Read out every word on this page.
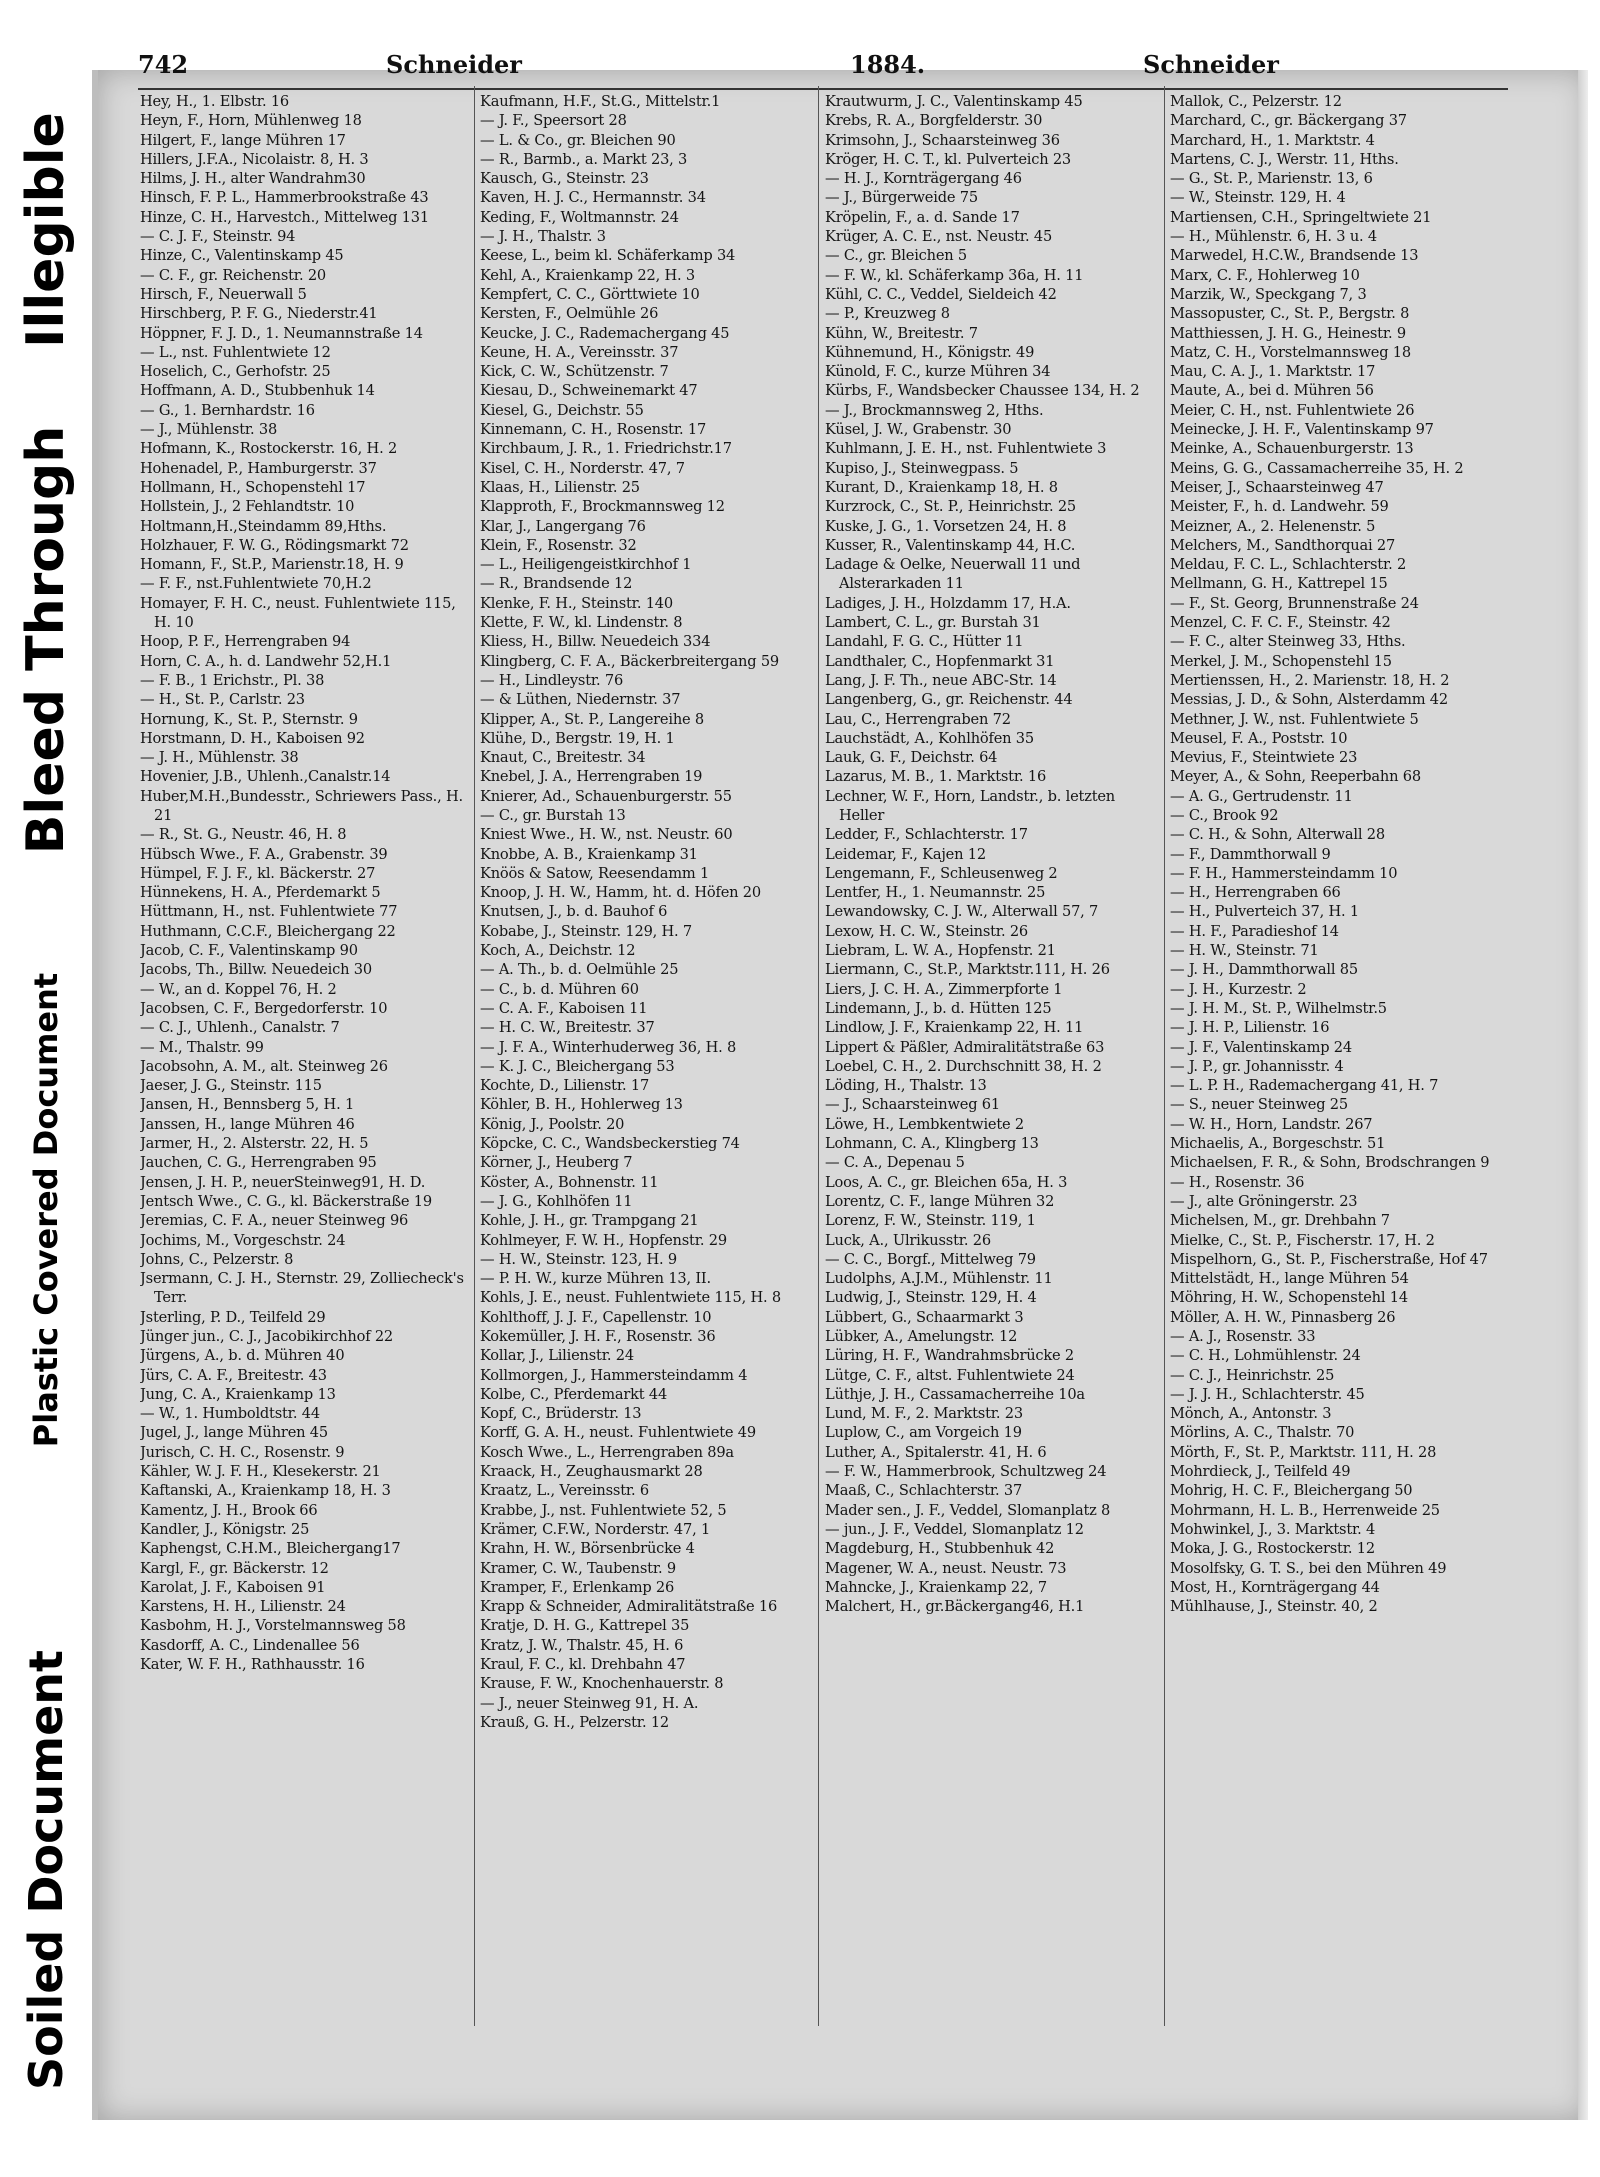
Soiled Document
Plastic Covered Document
Bleed Through
Illegible
742	Schneider	1884.	Schneider
Hey, H., 1. Elbstr. 16
Heyn, F., Horn, Mühlenweg 18
Hilgert, F., lange Mühren 17
Hillers, J.F.A., Nicolaistr. 8, H. 3
Hilms, J. H., alter Wandrahm30
Hinsch, F. P. L., Hammerbrookstraße 43
Hinze, C. H., Harvestch., Mittelweg 131
— C. J. F., Steinstr. 94
Hinze, C., Valentinskamp 45
— C. F., gr. Reichenstr. 20
Hirsch, F., Neuerwall 5
Hirschberg, P. F. G., Niederstr.41
Höppner, F. J. D., 1. Neumannstraße 14
— L., nst. Fuhlentwiete 12
Hoselich, C., Gerhofstr. 25
Hoffmann, A. D., Stubbenhuk 14
— G., 1. Bernhardstr. 16
— J., Mühlenstr. 38
Hofmann, K., Rostockerstr. 16, H. 2
Hohenadel, P., Hamburgerstr. 37
Hollmann, H., Schopenstehl 17
Hollstein, J., 2 Fehlandtstr. 10
Holtmann,H.,Steindamm 89,Hths.
Holzhauer, F. W. G., Rödingsmarkt 72
Homann, F., St.P., Marienstr.18, H. 9
— F. F., nst.Fuhlentwiete 70,H.2
Homayer, F. H. C., neust. Fuhlentwiete 115, H. 10
Hoop, P. F., Herrengraben 94
Horn, C. A., h. d. Landwehr 52,H.1
— F. B., 1 Erichstr., Pl. 38
— H., St. P., Carlstr. 23
Hornung, K., St. P., Sternstr. 9
Horstmann, D. H., Kaboisen 92
— J. H., Mühlenstr. 38
Hovenier, J.B., Uhlenh.,Canalstr.14
Huber,M.H.,Bundesstr., Schriewers Pass., H. 21
— R., St. G., Neustr. 46, H. 8
Hübsch Wwe., F. A., Grabenstr. 39
Hümpel, F. J. F., kl. Bäckerstr. 27
Hünnekens, H. A., Pferdemarkt 5
Hüttmann, H., nst. Fuhlentwiete 77
Huthmann, C.C.F., Bleichergang 22
Jacob, C. F., Valentinskamp 90
Jacobs, Th., Billw. Neuedeich 30
— W., an d. Koppel 76, H. 2
Jacobsen, C. F., Bergedorferstr. 10
— C. J., Uhlenh., Canalstr. 7
— M., Thalstr. 99
Jacobsohn, A. M., alt. Steinweg 26
Jaeser, J. G., Steinstr. 115
Jansen, H., Bennsberg 5, H. 1
Janssen, H., lange Mühren 46
Jarmer, H., 2. Alsterstr. 22, H. 5
Jauchen, C. G., Herrengraben 95
Jensen, J. H. P., neuerSteinweg91, H. D.
Jentsch Wwe., C. G., kl. Bäckerstraße 19
Jeremias, C. F. A., neuer Steinweg 96
Jochims, M., Vorgeschstr. 24
Johns, C., Pelzerstr. 8
Jsermann, C. J. H., Sternstr. 29, Zolliecheck's Terr.
Jsterling, P. D., Teilfeld 29
Jünger jun., C. J., Jacobikirchhof 22
Jürgens, A., b. d. Mühren 40
Jürs, C. A. F., Breitestr. 43
Jung, C. A., Kraienkamp 13
— W., 1. Humboldtstr. 44
Jugel, J., lange Mühren 45
Jurisch, C. H. C., Rosenstr. 9
Kähler, W. J. F. H., Klesekerstr. 21
Kaftanski, A., Kraienkamp 18, H. 3
Kamentz, J. H., Brook 66
Kandler, J., Königstr. 25
Kaphengst, C.H.M., Bleichergang17
Kargl, F., gr. Bäckerstr. 12
Karolat, J. F., Kaboisen 91
Karstens, H. H., Lilienstr. 24
Kasbohm, H. J., Vorstelmannsweg 58
Kasdorff, A. C., Lindenallee 56
Kater, W. F. H., Rathhausstr. 16
Kaufmann, H.F., St.G., Mittelstr.1
— J. F., Speersort 28
— L. & Co., gr. Bleichen 90
— R., Barmb., a. Markt 23, 3
Kausch, G., Steinstr. 23
Kaven, H. J. C., Hermannstr. 34
Keding, F., Woltmannstr. 24
— J. H., Thalstr. 3
Keese, L., beim kl. Schäferkamp 34
Kehl, A., Kraienkamp 22, H. 3
Kempfert, C. C., Görttwiete 10
Kersten, F., Oelmühle 26
Keucke, J. C., Rademachergang 45
Keune, H. A., Vereinsstr. 37
Kick, C. W., Schützenstr. 7
Kiesau, D., Schweinemarkt 47
Kiesel, G., Deichstr. 55
Kinnemann, C. H., Rosenstr. 17
Kirchbaum, J. R., 1. Friedrichstr.17
Kisel, C. H., Norderstr. 47, 7
Klaas, H., Lilienstr. 25
Klapproth, F., Brockmannsweg 12
Klar, J., Langergang 76
Klein, F., Rosenstr. 32
— L., Heiligengeistkirchhof 1
— R., Brandsende 12
Klenke, F. H., Steinstr. 140
Klette, F. W., kl. Lindenstr. 8
Kliess, H., Billw. Neuedeich 334
Klingberg, C. F. A., Bäckerbreitergang 59
— H., Lindleystr. 76
— & Lüthen, Niedernstr. 37
Klipper, A., St. P., Langereihe 8
Klühe, D., Bergstr. 19, H. 1
Knaut, C., Breitestr. 34
Knebel, J. A., Herrengraben 19
Knierer, Ad., Schauenburgerstr. 55
— C., gr. Burstah 13
Kniest Wwe., H. W., nst. Neustr. 60
Knobbe, A. B., Kraienkamp 31
Knöös & Satow, Reesendamm 1
Knoop, J. H. W., Hamm, ht. d. Höfen 20
Knutsen, J., b. d. Bauhof 6
Kobabe, J., Steinstr. 129, H. 7
Koch, A., Deichstr. 12
— A. Th., b. d. Oelmühle 25
— C., b. d. Mühren 60
— C. A. F., Kaboisen 11
— H. C. W., Breitestr. 37
— J. F. A., Winterhuderweg 36, H. 8
— K. J. C., Bleichergang 53
Kochte, D., Lilienstr. 17
Köhler, B. H., Hohlerweg 13
König, J., Poolstr. 20
Köpcke, C. C., Wandsbeckerstieg 74
Körner, J., Heuberg 7
Köster, A., Bohnenstr. 11
— J. G., Kohlhöfen 11
Kohle, J. H., gr. Trampgang 21
Kohlmeyer, F. W. H., Hopfenstr. 29
— H. W., Steinstr. 123, H. 9
— P. H. W., kurze Mühren 13, II.
Kohls, J. E., neust. Fuhlentwiete 115, H. 8
Kohlthoff, J. J. F., Capellenstr. 10
Kokemüller, J. H. F., Rosenstr. 36
Kollar, J., Lilienstr. 24
Kollmorgen, J., Hammersteindamm 4
Kolbe, C., Pferdemarkt 44
Kopf, C., Brüderstr. 13
Korff, G. A. H., neust. Fuhlentwiete 49
Kosch Wwe., L., Herrengraben 89a
Kraack, H., Zeughausmarkt 28
Kraatz, L., Vereinsstr. 6
Krabbe, J., nst. Fuhlentwiete 52, 5
Krämer, C.F.W., Norderstr. 47, 1
Krahn, H. W., Börsenbrücke 4
Kramer, C. W., Taubenstr. 9
Kramper, F., Erlenkamp 26
Krapp & Schneider, Admiralitätstraße 16
Kratje, D. H. G., Kattrepel 35
Kratz, J. W., Thalstr. 45, H. 6
Kraul, F. C., kl. Drehbahn 47
Krause, F. W., Knochenhauerstr. 8
— J., neuer Steinweg 91, H. A.
Krauß, G. H., Pelzerstr. 12
Krautwurm, J. C., Valentinskamp 45
Krebs, R. A., Borgfelderstr. 30
Krimsohn, J., Schaarsteinweg 36
Kröger, H. C. T., kl. Pulverteich 23
— H. J., Kornträgergang 46
— J., Bürgerweide 75
Kröpelin, F., a. d. Sande 17
Krüger, A. C. E., nst. Neustr. 45
— C., gr. Bleichen 5
— F. W., kl. Schäferkamp 36a, H. 11
Kühl, C. C., Veddel, Sieldeich 42
— P., Kreuzweg 8
Kühn, W., Breitestr. 7
Kühnemund, H., Königstr. 49
Künold, F. C., kurze Mühren 34
Kürbs, F., Wandsbecker Chaussee 134, H. 2
— J., Brockmannsweg 2, Hths.
Küsel, J. W., Grabenstr. 30
Kuhlmann, J. E. H., nst. Fuhlentwiete 3
Kupiso, J., Steinwegpass. 5
Kurant, D., Kraienkamp 18, H. 8
Kurzrock, C., St. P., Heinrichstr. 25
Kuske, J. G., 1. Vorsetzen 24, H. 8
Kusser, R., Valentinskamp 44, H.C.
Ladage & Oelke, Neuerwall 11 und Alsterarkaden 11
Ladiges, J. H., Holzdamm 17, H.A.
Lambert, C. L., gr. Burstah 31
Landahl, F. G. C., Hütter 11
Landthaler, C., Hopfenmarkt 31
Lang, J. F. Th., neue ABC-Str. 14
Langenberg, G., gr. Reichenstr. 44
Lau, C., Herrengraben 72
Lauchstädt, A., Kohlhöfen 35
Lauk, G. F., Deichstr. 64
Lazarus, M. B., 1. Marktstr. 16
Lechner, W. F., Horn, Landstr., b. letzten Heller
Ledder, F., Schlachterstr. 17
Leidemar, F., Kajen 12
Lengemann, F., Schleusenweg 2
Lentfer, H., 1. Neumannstr. 25
Lewandowsky, C. J. W., Alterwall 57, 7
Lexow, H. C. W., Steinstr. 26
Liebram, L. W. A., Hopfenstr. 21
Liermann, C., St.P., Marktstr.111, H. 26
Liers, J. C. H. A., Zimmerpforte 1
Lindemann, J., b. d. Hütten 125
Lindlow, J. F., Kraienkamp 22, H. 11
Lippert & Päßler, Admiralitätstraße 63
Loebel, C. H., 2. Durchschnitt 38, H. 2
Löding, H., Thalstr. 13
— J., Schaarsteinweg 61
Löwe, H., Lembkentwiete 2
Lohmann, C. A., Klingberg 13
— C. A., Depenau 5
Loos, A. C., gr. Bleichen 65a, H. 3
Lorentz, C. F., lange Mühren 32
Lorenz, F. W., Steinstr. 119, 1
Luck, A., Ulrikusstr. 26
— C. C., Borgf., Mittelweg 79
Ludolphs, A.J.M., Mühlenstr. 11
Ludwig, J., Steinstr. 129, H. 4
Lübbert, G., Schaarmarkt 3
Lübker, A., Amelungstr. 12
Lüring, H. F., Wandrahmsbrücke 2
Lütge, C. F., altst. Fuhlentwiete 24
Lüthje, J. H., Cassamacherreihe 10a
Lund, M. F., 2. Marktstr. 23
Luplow, C., am Vorgeich 19
Luther, A., Spitalerstr. 41, H. 6
— F. W., Hammerbrook, Schultzweg 24
Maaß, C., Schlachterstr. 37
Mader sen., J. F., Veddel, Slomanplatz 8
— jun., J. F., Veddel, Slomanplatz 12
Magdeburg, H., Stubbenhuk 42
Magener, W. A., neust. Neustr. 73
Mahncke, J., Kraienkamp 22, 7
Malchert, H., gr.Bäckergang46, H.1
Mallok, C., Pelzerstr. 12
Marchard, C., gr. Bäckergang 37
Marchard, H., 1. Marktstr. 4
Martens, C. J., Werstr. 11, Hths.
— G., St. P., Marienstr. 13, 6
— W., Steinstr. 129, H. 4
Martiensen, C.H., Springeltwiete 21
— H., Mühlenstr. 6, H. 3 u. 4
Marwedel, H.C.W., Brandsende 13
Marx, C. F., Hohlerweg 10
Marzik, W., Speckgang 7, 3
Massopuster, C., St. P., Bergstr. 8
Matthiessen, J. H. G., Heinestr. 9
Matz, C. H., Vorstelmannsweg 18
Mau, C. A. J., 1. Marktstr. 17
Maute, A., bei d. Mühren 56
Meier, C. H., nst. Fuhlentwiete 26
Meinecke, J. H. F., Valentinskamp 97
Meinke, A., Schauenburgerstr. 13
Meins, G. G., Cassamacherreihe 35, H. 2
Meiser, J., Schaarsteinweg 47
Meister, F., h. d. Landwehr. 59
Meizner, A., 2. Helenenstr. 5
Melchers, M., Sandthorquai 27
Meldau, F. C. L., Schlachterstr. 2
Mellmann, G. H., Kattrepel 15
— F., St. Georg, Brunnenstraße 24
Menzel, C. F. C. F., Steinstr. 42
— F. C., alter Steinweg 33, Hths.
Merkel, J. M., Schopenstehl 15
Mertienssen, H., 2. Marienstr. 18, H. 2
Messias, J. D., & Sohn, Alsterdamm 42
Methner, J. W., nst. Fuhlentwiete 5
Meusel, F. A., Poststr. 10
Mevius, F., Steintwiete 23
Meyer, A., & Sohn, Reeperbahn 68
— A. G., Gertrudenstr. 11
— C., Brook 92
— C. H., & Sohn, Alterwall 28
— F., Dammthorwall 9
— F. H., Hammersteindamm 10
— H., Herrengraben 66
— H., Pulverteich 37, H. 1
— H. F., Paradieshof 14
— H. W., Steinstr. 71
— J. H., Dammthorwall 85
— J. H., Kurzestr. 2
— J. H. M., St. P., Wilhelmstr.5
— J. H. P., Lilienstr. 16
— J. F., Valentinskamp 24
— J. P., gr. Johannisstr. 4
— L. P. H., Rademachergang 41, H. 7
— S., neuer Steinweg 25
— W. H., Horn, Landstr. 267
Michaelis, A., Borgeschstr. 51
Michaelsen, F. R., & Sohn, Brodschrangen 9
— H., Rosenstr. 36
— J., alte Gröningerstr. 23
Michelsen, M., gr. Drehbahn 7
Mielke, C., St. P., Fischerstr. 17, H. 2
Mispelhorn, G., St. P., Fischerstraße, Hof 47
Mittelstädt, H., lange Mühren 54
Möhring, H. W., Schopenstehl 14
Möller, A. H. W., Pinnasberg 26
— A. J., Rosenstr. 33
— C. H., Lohmühlenstr. 24
— C. J., Heinrichstr. 25
— J. J. H., Schlachterstr. 45
Mönch, A., Antonstr. 3
Mörlins, A. C., Thalstr. 70
Mörth, F., St. P., Marktstr. 111, H. 28
Mohrdieck, J., Teilfeld 49
Mohrig, H. C. F., Bleichergang 50
Mohrmann, H. L. B., Herrenweide 25
Mohwinkel, J., 3. Marktstr. 4
Moka, J. G., Rostockerstr. 12
Mosolfsky, G. T. S., bei den Mühren 49
Most, H., Kornträgergang 44
Mühlhause, J., Steinstr. 40, 2
